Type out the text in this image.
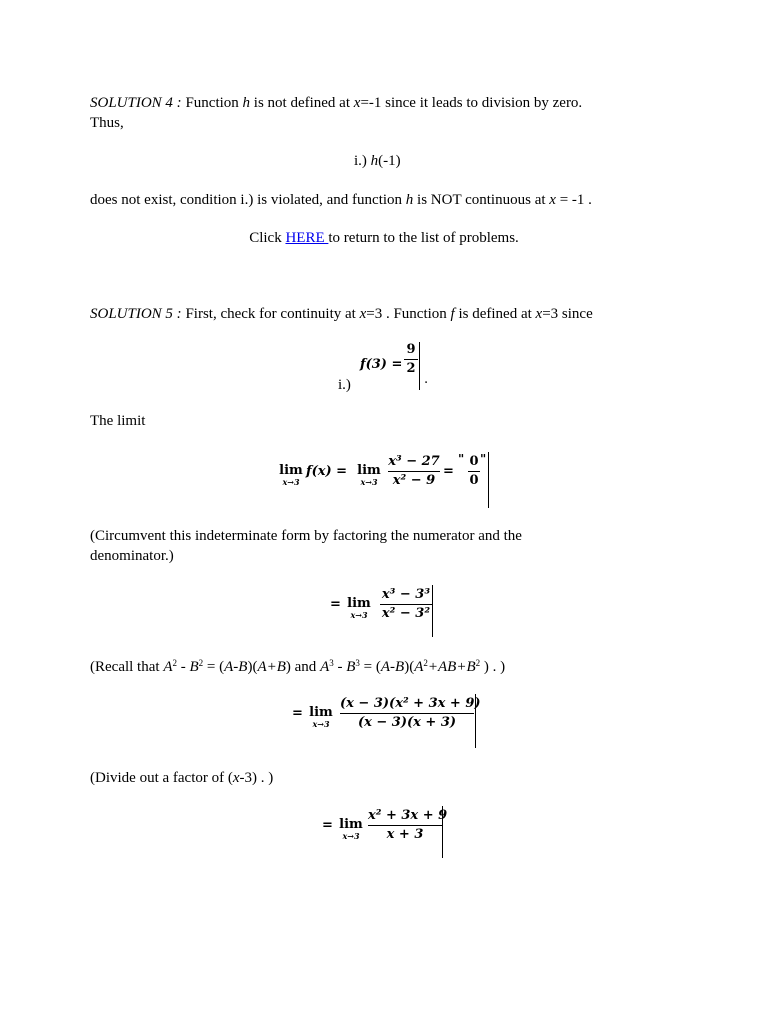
SOLUTION 4 : Function h is not defined at x=-1 since it leads to division by zero.
Thus,
i.) h(-1)
does not exist, condition i.) is violated, and function h is NOT continuous at x = -1 .
Click HERE to return to the list of problems.
SOLUTION 5 : First, check for continuity at x=3 . Function f is defined at x=3 since
i.)
f(3) =
9
2
.
The limit
lim
x→3
f(x) = lim
x→3
x³ − 27
x² − 9
=
" 0
0
"
(Circumvent this indeterminate form by factoring the numerator and the
denominator.)
= lim
x→3
x³ − 3³
x² − 3²
(Recall that $A^2 - B^2 = (A-B)(A+B)$ and $A^3 - B^3 = (A-B)(A^2+AB+B^2$ ) . )
= lim
x→3
(x − 3)(x² + 3x + 9)
(x − 3)(x + 3)
(Divide out a factor of (x-3) . )
= lim
x→3
x² + 3x + 9
x + 3
